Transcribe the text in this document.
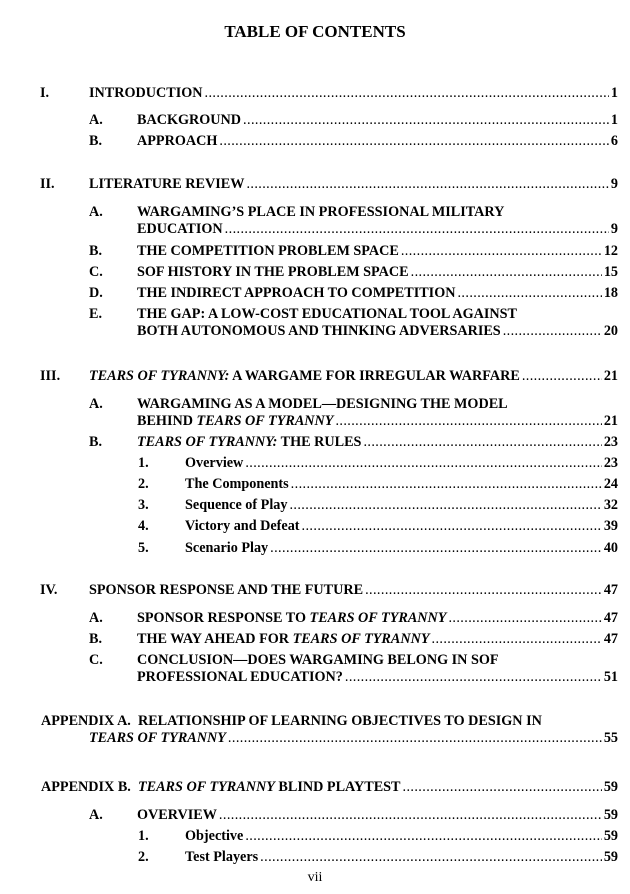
TABLE OF CONTENTS
I.	INTRODUCTION .....	1
A. BACKGROUND .....	1
B. APPROACH .....	6
II. LITERATURE REVIEW .....	9
A. WARGAMING’S PLACE IN PROFESSIONAL MILITARY
EDUCATION .....	9
B. THE COMPETITION PROBLEM SPACE .....	12
C. SOF HISTORY IN THE PROBLEM SPACE .....	15
D. THE INDIRECT APPROACH TO COMPETITION .....	18
E. THE GAP: A LOW-COST EDUCATIONAL TOOL AGAINST
BOTH AUTONOMOUS AND THINKING ADVERSARIES .....	20
III. TEARS OF TYRANNY: A WARGAME FOR IRREGULAR WARFARE .....	21
A. WARGAMING AS A MODEL—DESIGNING THE MODEL
BEHIND TEARS OF TYRANNY .....	21
B. TEARS OF TYRANNY: THE RULES .....	23
1.	Overview .....	23
2.	The Components .....	24
3.	Sequence of Play .....	32
4.	Victory and Defeat .....	39
5.	Scenario Play .....	40
IV. SPONSOR RESPONSE AND THE FUTURE .....	47
A. SPONSOR RESPONSE TO TEARS OF TYRANNY .....	47
B. THE WAY AHEAD FOR TEARS OF TYRANNY .....	47
C. CONCLUSION—DOES WARGAMING BELONG IN SOF
PROFESSIONAL EDUCATION? .....	51
APPENDIX A. RELATIONSHIP OF LEARNING OBJECTIVES TO DESIGN IN
TEARS OF TYRANNY .....	55
APPENDIX B. TEARS OF TYRANNY BLIND PLAYTEST .....	59
A. OVERVIEW .....	59
1.	Objective .....	59
2.	Test Players .....	59
vii
